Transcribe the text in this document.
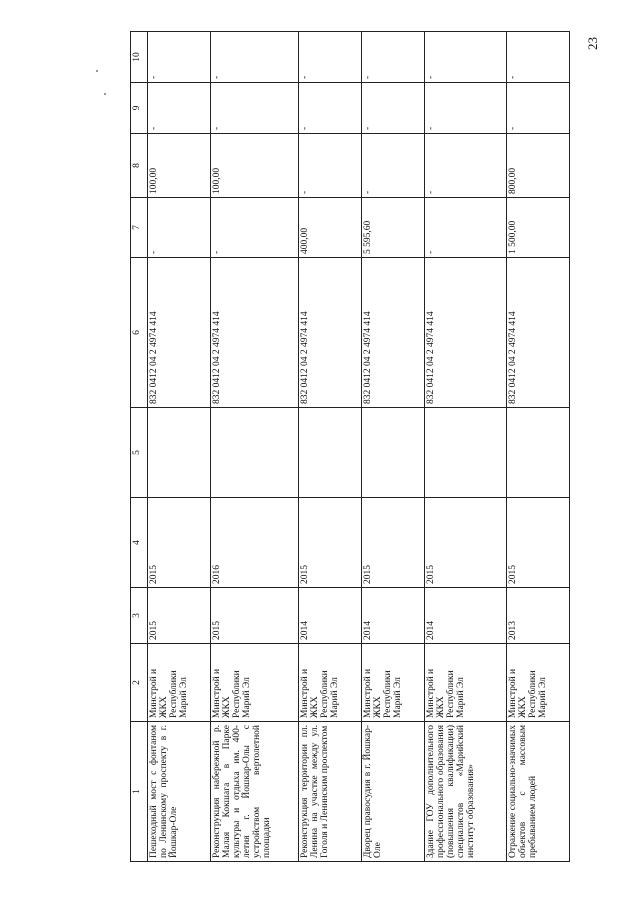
23
1	2	3	4	5	6	7	8	9	10
Пешеходный мост с фонтаном по Ленинскому проспекту в г. Йошкар-Оле	Минстрой и ЖКХ Республики Марий Эл	2015	2015		832 0412 04 2 4974 414	-	100,00	-	-
Реконструкция набережной р. Малая Кокшага в Парке культуры и отдыха им. 400-летия г. Йошкар-Олы с устройством вертолетной площадки	Минстрой и ЖКХ Республики Марий Эл	2015	2016		832 0412 04 2 4974 414	-	100,00	-	-
Реконструкция территории пл. Ленина на участке между ул. Гоголя и Ленинским проспектом	Минстрой и ЖКХ Республики Марий Эл	2014	2015		832 0412 04 2 4974 414	400,00	-	-	-
Дворец правосудия в г. Йошкар-Оле	Минстрой и ЖКХ Республики Марий Эл	2014	2015		832 0412 04 2 4974 414	5 595,60	-	-	-
Здание ГОУ дополнительного профессионального образования (повышения квалификации) специалистов «Марийский институт образования»	Минстрой и ЖКХ Республики Марий Эл	2014	2015		832 0412 04 2 4974 414	-	-	-	-
Отражение социально-значимых объектов с массовым пребыванием людей	Минстрой и ЖКХ Республики Марий Эл	2013	2015		832 0412 04 2 4974 414	1 500,00	800,00	-	-
